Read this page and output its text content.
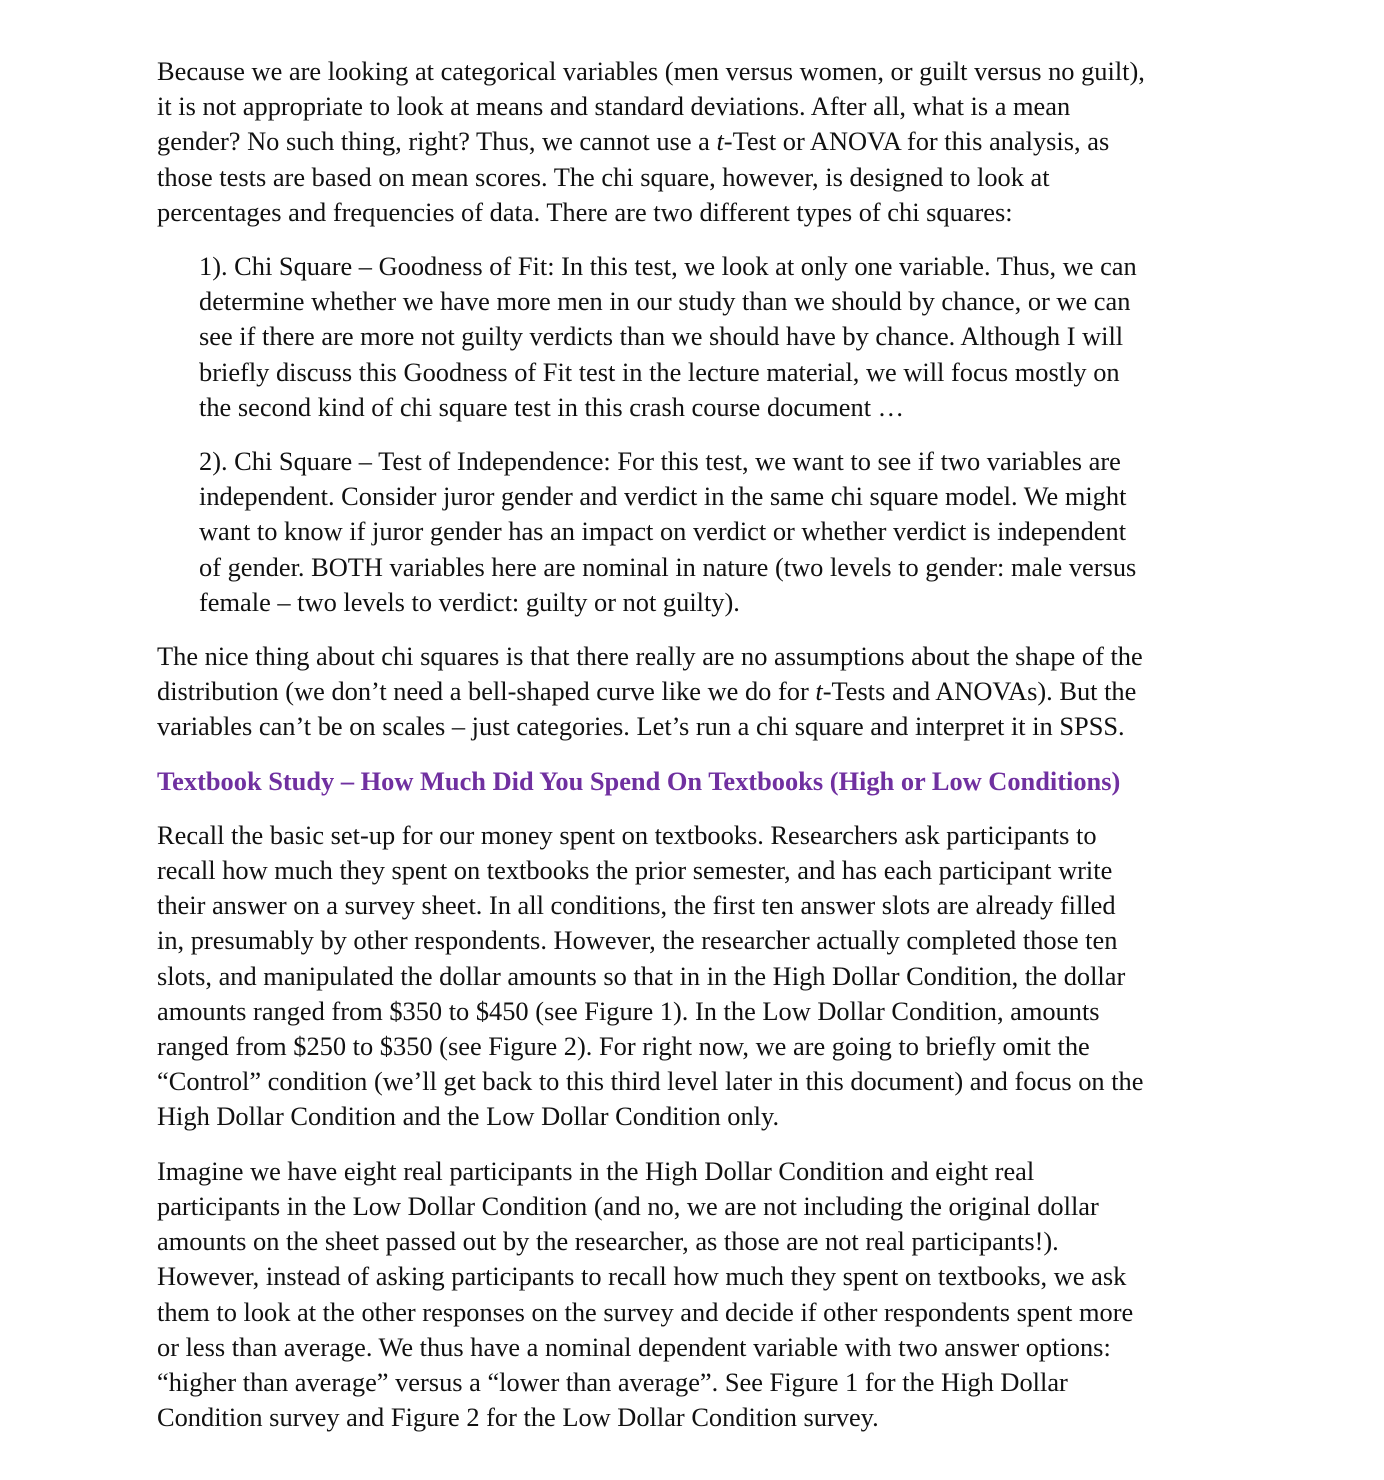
Because we are looking at categorical variables (men versus women, or guilt versus no guilt),
it is not appropriate to look at means and standard deviations. After all, what is a mean
gender? No such thing, right? Thus, we cannot use a t-Test or ANOVA for this analysis, as
those tests are based on mean scores. The chi square, however, is designed to look at
percentages and frequencies of data. There are two different types of chi squares:

1). Chi Square – Goodness of Fit: In this test, we look at only one variable. Thus, we can
determine whether we have more men in our study than we should by chance, or we can
see if there are more not guilty verdicts than we should have by chance. Although I will
briefly discuss this Goodness of Fit test in the lecture material, we will focus mostly on
the second kind of chi square test in this crash course document …

2). Chi Square – Test of Independence: For this test, we want to see if two variables are
independent. Consider juror gender and verdict in the same chi square model. We might
want to know if juror gender has an impact on verdict or whether verdict is independent
of gender. BOTH variables here are nominal in nature (two levels to gender: male versus
female – two levels to verdict: guilty or not guilty).

The nice thing about chi squares is that there really are no assumptions about the shape of the
distribution (we don’t need a bell-shaped curve like we do for t-Tests and ANOVAs). But the
variables can’t be on scales – just categories. Let’s run a chi square and interpret it in SPSS.

Textbook Study – How Much Did You Spend On Textbooks (High or Low Conditions)

Recall the basic set-up for our money spent on textbooks. Researchers ask participants to
recall how much they spent on textbooks the prior semester, and has each participant write
their answer on a survey sheet. In all conditions, the first ten answer slots are already filled
in, presumably by other respondents. However, the researcher actually completed those ten
slots, and manipulated the dollar amounts so that in in the High Dollar Condition, the dollar
amounts ranged from $350 to $450 (see Figure 1). In the Low Dollar Condition, amounts
ranged from $250 to $350 (see Figure 2). For right now, we are going to briefly omit the
“Control” condition (we’ll get back to this third level later in this document) and focus on the
High Dollar Condition and the Low Dollar Condition only.

Imagine we have eight real participants in the High Dollar Condition and eight real
participants in the Low Dollar Condition (and no, we are not including the original dollar
amounts on the sheet passed out by the researcher, as those are not real participants!).
However, instead of asking participants to recall how much they spent on textbooks, we ask
them to look at the other responses on the survey and decide if other respondents spent more
or less than average. We thus have a nominal dependent variable with two answer options:
“higher than average” versus a “lower than average”. See Figure 1 for the High Dollar
Condition survey and Figure 2 for the Low Dollar Condition survey.
